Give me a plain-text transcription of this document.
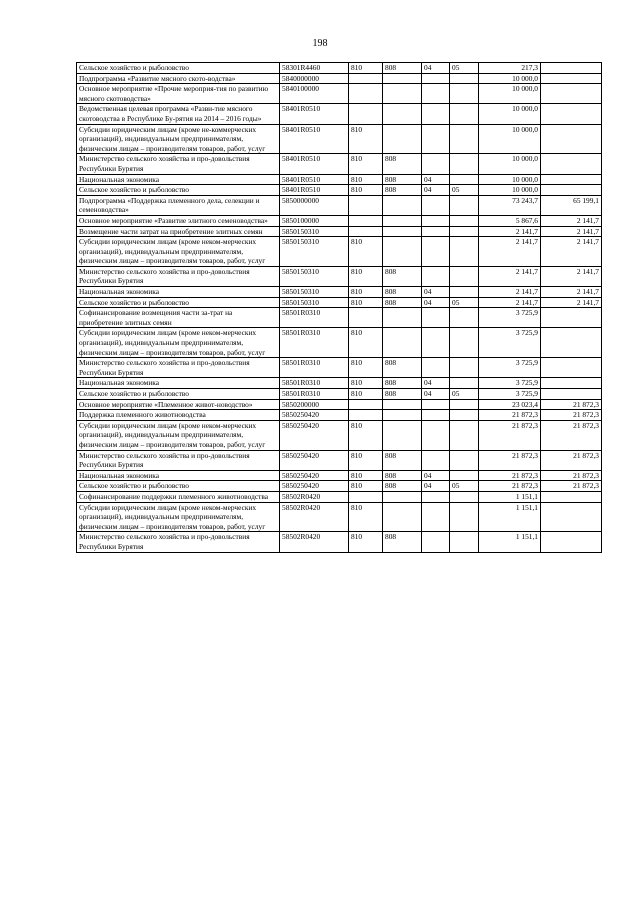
198
Сельское хозяйство и рыболовство	58301R4460	810	808	04	05	217,3	
Подпрограмма «Развитие мясного ското-водства»	5840000000					10 000,0	
Основное мероприятие «Прочие мероприя-тия по развитию мясного скотоводства»	5840100000					10 000,0	
Ведомственная целевая программа «Разви-тие мясного скотоводства в Республике Бу-рятия на 2014 – 2016 годы»	58401R0510					10 000,0	
Субсидии юридическим лицам (кроме не-коммерческих организаций), индивидуальным предпринимателям, физическим лицам – производителям товаров, работ, услуг	58401R0510	810				10 000,0	
Министерство сельского хозяйства и про-довольствия Республики Бурятия	58401R0510	810	808			10 000,0	
Национальная экономика	58401R0510	810	808	04		10 000,0	
Сельское хозяйство и рыболовство	58401R0510	810	808	04	05	10 000,0	
Подпрограмма «Поддержка племенного дела, селекции и семеноводства»	5850000000					73 243,7	65 199,1
Основное мероприятие «Развитие элитного семеноводства»	5850100000					5 867,6	2 141,7
Возмещение части затрат на приобретение элитных семян	5850150310					2 141,7	2 141,7
Субсидии юридическим лицам (кроме неком-мерческих организаций), индивидуальным предпринимателям, физическим лицам – производителям товаров, работ, услуг	5850150310	810				2 141,7	2 141,7
Министерство сельского хозяйства и про-довольствия Республики Бурятия	5850150310	810	808			2 141,7	2 141,7
Национальная экономика	5850150310	810	808	04		2 141,7	2 141,7
Сельское хозяйство и рыболовство	5850150310	810	808	04	05	2 141,7	2 141,7
Софинансирование возмещения части за-трат на приобретение элитных семян	58501R0310					3 725,9	
Субсидии юридическим лицам (кроме неком-мерческих организаций), индивидуальным предпринимателям, физическим лицам – производителям товаров, работ, услуг	58501R0310	810				3 725,9	
Министерство сельского хозяйства и про-довольствия Республики Бурятия	58501R0310	810	808			3 725,9	
Национальная экономика	58501R0310	810	808	04		3 725,9	
Сельское хозяйство и рыболовство	58501R0310	810	808	04	05	3 725,9	
Основное мероприятие «Племенное живот-новодство»	5850200000					23 023,4	21 872,3
Поддержка племенного животноводства	5850250420					21 872,3	21 872,3
Субсидии юридическим лицам (кроме неком-мерческих организаций), индивидуальным предпринимателям, физическим лицам – производителям товаров, работ, услуг	5850250420	810				21 872,3	21 872,3
Министерство сельского хозяйства и про-довольствия Республики Бурятия	5850250420	810	808			21 872,3	21 872,3
Национальная экономика	5850250420	810	808	04		21 872,3	21 872,3
Сельское хозяйство и рыболовство	5850250420	810	808	04	05	21 872,3	21 872,3
Софинансирование поддержки племенного животноводства	58502R0420					1 151,1	
Субсидии юридическим лицам (кроме неком-мерческих организаций), индивидуальным предпринимателям, физическим лицам – производителям товаров, работ, услуг	58502R0420	810				1 151,1	
Министерство сельского хозяйства и про-довольствия Республики Бурятия	58502R0420	810	808			1 151,1	
